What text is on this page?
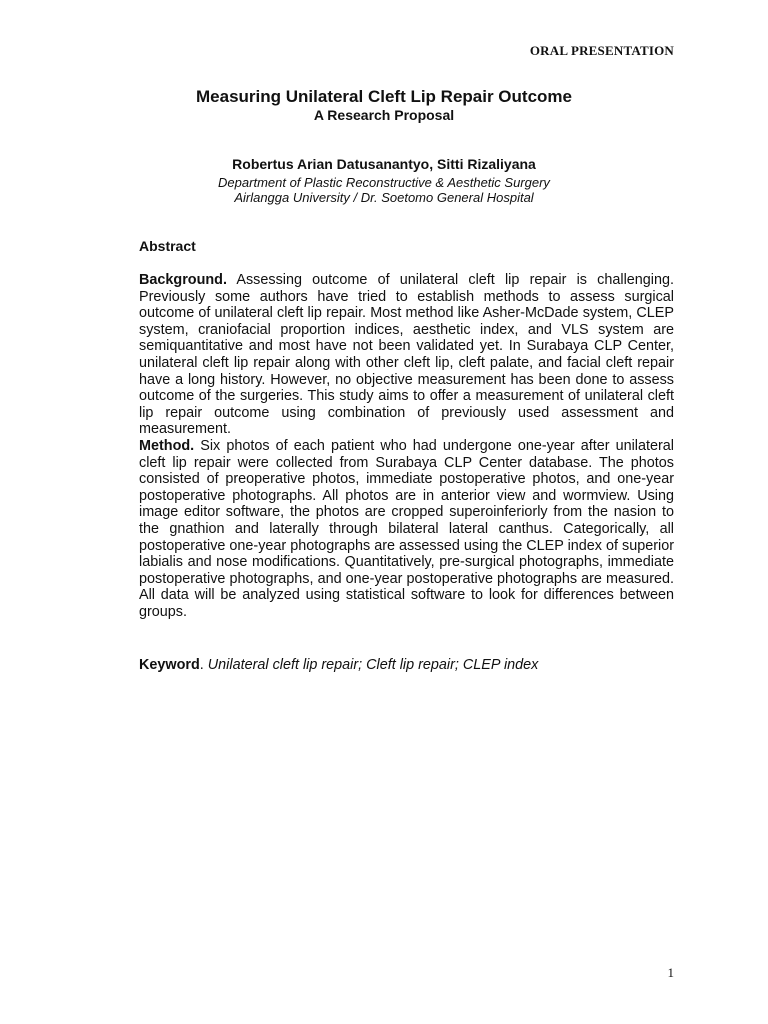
ORAL PRESENTATION
Measuring Unilateral Cleft Lip Repair Outcome
A Research Proposal
Robertus Arian Datusanantyo, Sitti Rizaliyana
Department of Plastic Reconstructive & Aesthetic Surgery
Airlangga University / Dr. Soetomo General Hospital
Abstract

Background. Assessing outcome of unilateral cleft lip repair is challenging. Previously some authors have tried to establish methods to assess surgical outcome of unilateral cleft lip repair. Most method like Asher-McDade system, CLEP system, craniofacial proportion indices, aesthetic index, and VLS system are semiquantitative and most have not been validated yet. In Surabaya CLP Center, unilateral cleft lip repair along with other cleft lip, cleft palate, and facial cleft repair have a long history. However, no objective measurement has been done to assess outcome of the surgeries. This study aims to offer a measurement of unilateral cleft lip repair outcome using combination of previously used assessment and measurement.

Method. Six photos of each patient who had undergone one-year after unilateral cleft lip repair were collected from Surabaya CLP Center database. The photos consisted of preoperative photos, immediate postoperative photos, and one-year postoperative photographs. All photos are in anterior view and wormview. Using image editor software, the photos are cropped superoinferiorly from the nasion to the gnathion and laterally through bilateral lateral canthus. Categorically, all postoperative one-year photographs are assessed using the CLEP index of superior labialis and nose modifications. Quantitatively, pre-surgical photographs, immediate postoperative photographs, and one-year postoperative photographs are measured. All data will be analyzed using statistical software to look for differences between groups.

Keyword. Unilateral cleft lip repair; Cleft lip repair; CLEP index
1
